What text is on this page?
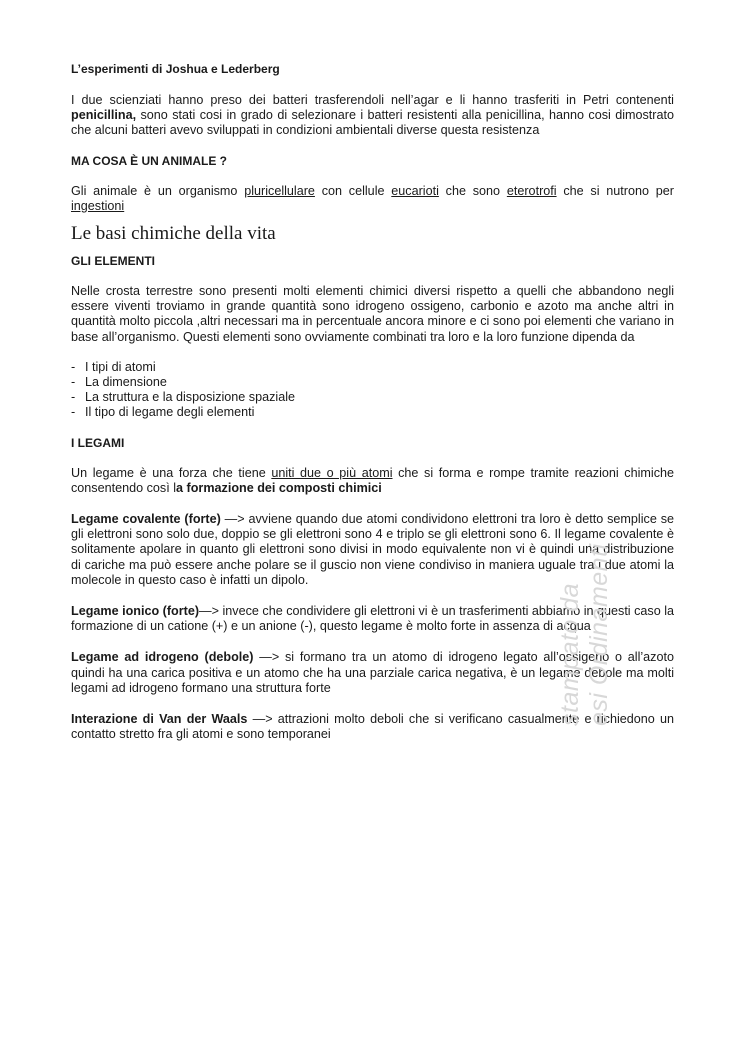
L’esperimenti di Joshua e Lederberg

I due scienziati hanno preso dei batteri trasferendoli nell’agar e li hanno trasferiti in Petri contenenti penicillina, sono stati cosi in grado di selezionare i batteri resistenti alla penicillina, hanno cosi dimostrato che alcuni batteri avevo sviluppati in condizioni ambientali diverse questa resistenza

MA COSA È UN ANIMALE ?

Gli animale è un organismo pluricellulare con cellule eucarioti che sono eterotrofi che si nutrono per ingestioni

Le basi chimiche della vita
GLI ELEMENTI

Nelle crosta terrestre sono presenti molti elementi chimici diversi rispetto a quelli che abbandono negli essere viventi troviamo in grande quantità sono idrogeno ossigeno, carbonio e azoto ma anche altri in quantità molto piccola ,altri necessari ma in percentuale ancora minore e ci sono poi elementi che variano in base all’organismo. Questi elementi sono ovviamente combinati tra loro e la loro funzione dipenda da

- I tipi di atomi
- La dimensione
- La struttura e la disposizione spaziale
- Il tipo di legame degli elementi
I LEGAMI

Un legame è una forza che tiene uniti due o più atomi che si forma e rompe tramite reazioni chimiche consentendo così la formazione dei composti chimici

Legame covalente (forte) —> avviene quando due atomi condividono elettroni tra loro è detto semplice se gli elettroni sono solo due, doppio se gli elettroni sono 4 e triplo se gli elettroni sono 6. Il legame covalente è solitamente apolare in quanto gli elettroni sono divisi in modo equivalente non vi è quindi una distribuzione di cariche ma può essere anche polare se il guscio non viene condiviso in maniera uguale tra i due atomi la molecole in questo caso è infatti un dipolo.

Legame ionico (forte)—> invece che condividere gli elettroni vi è un trasferimenti abbiamo in questi caso la formazione di un catione (+) e un anione (-), questo legame è molto forte in assenza di acqua

Legame ad idrogeno (debole) —> si formano tra un atomo di idrogeno legato all’ossigeno o all’azoto quindi ha una carica positiva e un atomo che ha una parziale carica negativa, è un legame debole ma molti legami ad idrogeno formano una struttura forte

Interazione di Van der Waals —> attrazioni molto deboli che si verificano casualmente e richiedono un contatto stretto fra gli atomi e sono temporanei

stampato da esi Ordinamenti
